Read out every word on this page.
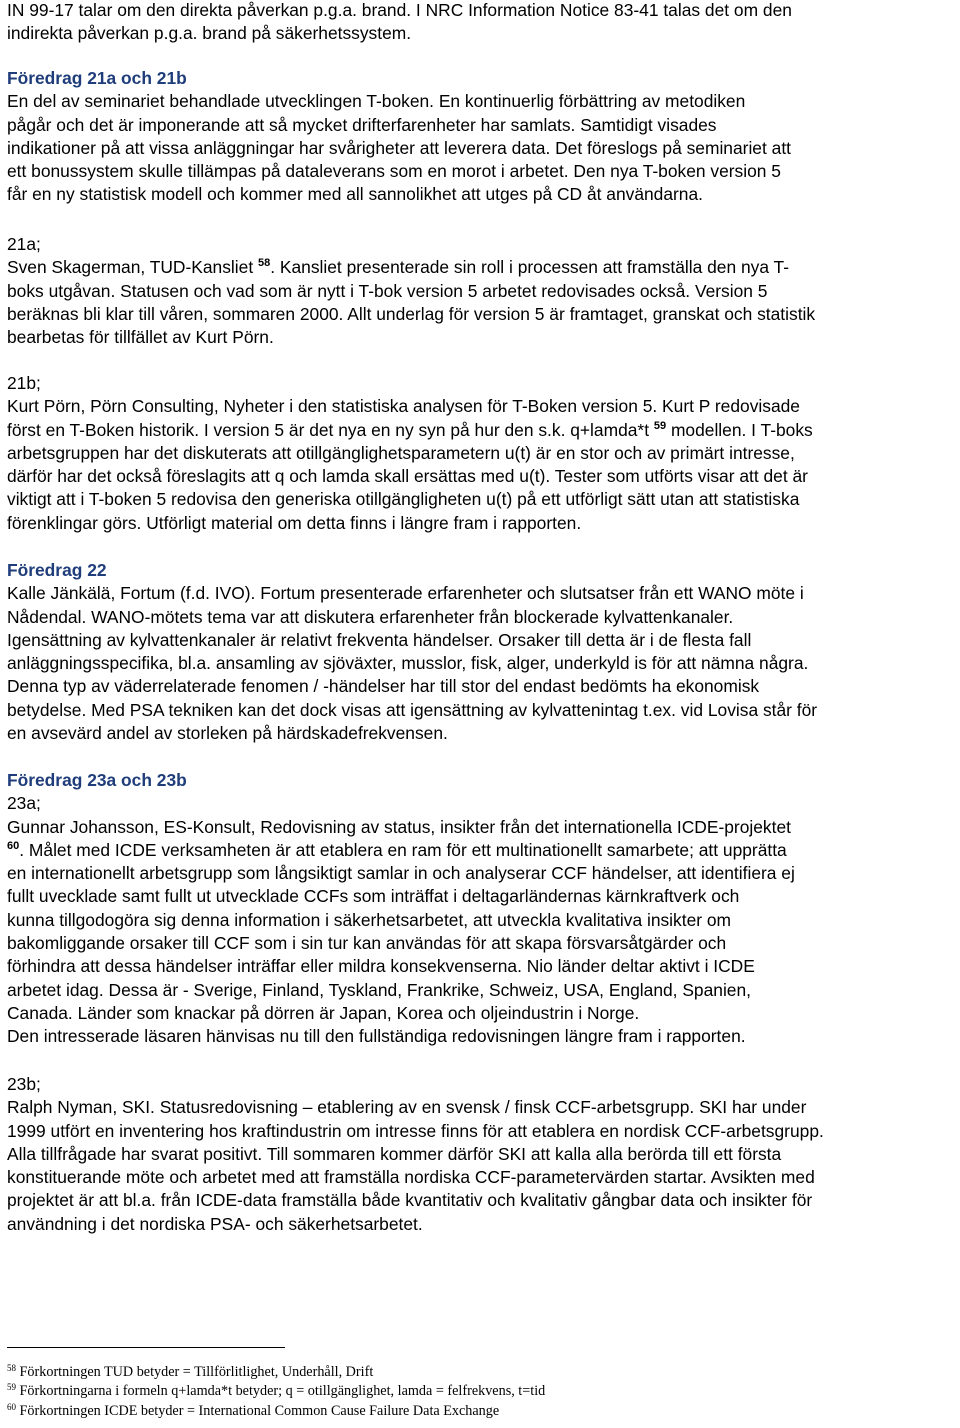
IN 99-17 talar om den direkta påverkan p.g.a. brand. I NRC Information Notice 83-41 talas det om den

indirekta påverkan p.g.a. brand på säkerhetssystem.

Föredrag 21a och 21b

En del av seminariet behandlade utvecklingen T-boken. En kontinuerlig förbättring av metodiken

pågår och det är imponerande att så mycket drifterfarenheter har samlats. Samtidigt visades

indikationer på att vissa anläggningar har svårigheter att leverera data. Det föreslogs på seminariet att

ett bonussystem skulle tillämpas på dataleverans som en morot i arbetet. Den nya T-boken version 5

får en ny statistisk modell och kommer med all sannolikhet att utges på CD åt användarna.

21a;

Sven Skagerman, TUD-Kansliet $^{58}$. Kansliet presenterade sin roll i processen att framställa den nya T-

boks utgåvan. Statusen och vad som är nytt i T-bok version 5 arbetet redovisades också. Version 5

beräknas bli klar till våren, sommaren 2000. Allt underlag för version 5 är framtaget, granskat och statistik

bearbetas för tillfället av Kurt Pörn.

21b;

Kurt Pörn, Pörn Consulting, Nyheter i den statistiska analysen för T-Boken version 5. Kurt P redovisade

först en T-Boken historik. I version 5 är det nya en ny syn på hur den s.k. q+lamda*t $^{59}$ modellen. I T-boks

arbetsgruppen har det diskuterats att otillgänglighetsparametern u(t) är en stor och av primärt intresse,

därför har det också föreslagits att q och lamda skall ersättas med u(t). Tester som utförts visar att det är

viktigt att i T-boken 5 redovisa den generiska otillgängligheten u(t) på ett utförligt sätt utan att statistiska

förenklingar görs. Utförligt material om detta finns i längre fram i rapporten.

Föredrag 22

Kalle Jänkälä, Fortum (f.d. IVO). Fortum presenterade erfarenheter och slutsatser från ett WANO möte i

Nådendal. WANO-mötets tema var att diskutera erfarenheter från blockerade kylvattenkanaler.

Igensättning av kylvattenkanaler är relativt frekventa händelser. Orsaker till detta är i de flesta fall

anläggningsspecifika, bl.a. ansamling av sjöväxter, musslor, fisk, alger, underkyld is för att nämna några.

Denna typ av väderrelaterade fenomen / -händelser har till stor del endast bedömts ha ekonomisk

betydelse. Med PSA tekniken kan det dock visas att igensättning av kylvattenintag t.ex. vid Lovisa står för

en avsevärd andel av storleken på härdskadefrekvensen.

Föredrag 23a och 23b

23a;

Gunnar Johansson, ES-Konsult, Redovisning av status, insikter från det internationella ICDE-projektet

$^{60}$. Målet med ICDE verksamheten är att etablera en ram för ett multinationellt samarbete; att upprätta

en internationellt arbetsgrupp som långsiktigt samlar in och analyserar CCF händelser, att identifiera ej

fullt uvecklade samt fullt ut utvecklade CCFs som inträffat i deltagarländernas kärnkraftverk och

kunna tillgodogöra sig denna information i säkerhetsarbetet, att utveckla kvalitativa insikter om

bakomliggande orsaker till CCF som i sin tur kan användas för att skapa försvarsåtgärder och

förhindra att dessa händelser inträffar eller mildra konsekvenserna. Nio länder deltar aktivt i ICDE

arbetet idag. Dessa är - Sverige, Finland, Tyskland, Frankrike, Schweiz, USA, England, Spanien,

Canada. Länder som knackar på dörren är Japan, Korea och oljeindustrin i Norge.

Den intresserade läsaren hänvisas nu till den fullständiga redovisningen längre fram i rapporten.

23b;

Ralph Nyman, SKI. Statusredovisning – etablering av en svensk / finsk CCF-arbetsgrupp. SKI har under

1999 utfört en inventering hos kraftindustrin om intresse finns för att etablera en nordisk CCF-arbetsgrupp.

Alla tillfrågade har svarat positivt. Till sommaren kommer därför SKI att kalla alla berörda till ett första

konstituerande möte och arbetet med att framställa nordiska CCF-parametervärden startar. Avsikten med

projektet är att bl.a. från ICDE-data framställa både kvantitativ och kvalitativ gångbar data och insikter för

användning i det nordiska PSA- och säkerhetsarbetet.

$^{58}$ Förkortningen TUD betyder = Tillförlitlighet, Underhåll, Drift
$^{59}$ Förkortningarna i formeln q+lamda*t betyder; q = otillgänglighet, lamda = felfrekvens, t=tid
$^{60}$ Förkortningen ICDE betyder = International Common Cause Failure Data Exchange
